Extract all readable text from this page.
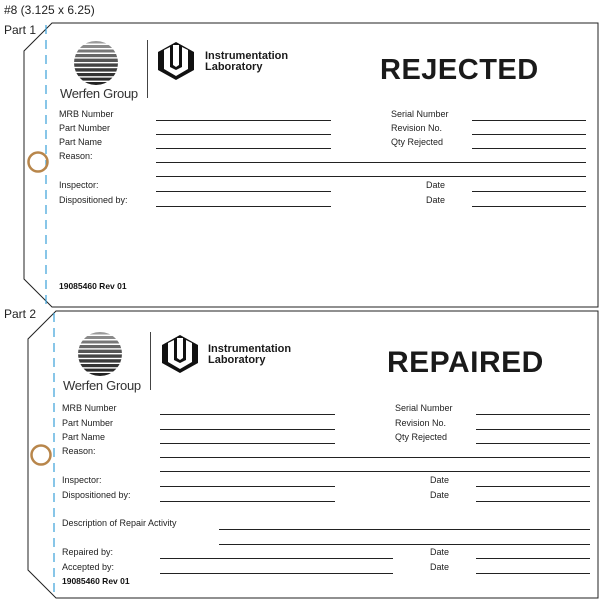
#8 (3.125 x 6.25)
Part 1
Werfen Group
Instrumentation
Laboratory	REJECTED
MRB Number
Part Number
Part Name
Reason:
Serial Number
Revision No.
Qty Rejected
Inspector:
Dispositioned by:
Date
Date
19085460 Rev 01
Part 2
Werfen Group
Instrumentation
Laboratory	REPAIRED
MRB Number
Part Number
Part Name
Reason:
Serial Number
Revision No.
Qty Rejected
Inspector:
Dispositioned by:
Date
Date
Description of Repair Activity
Repaired by:
Accepted by:
Date
Date
19085460 Rev 01
